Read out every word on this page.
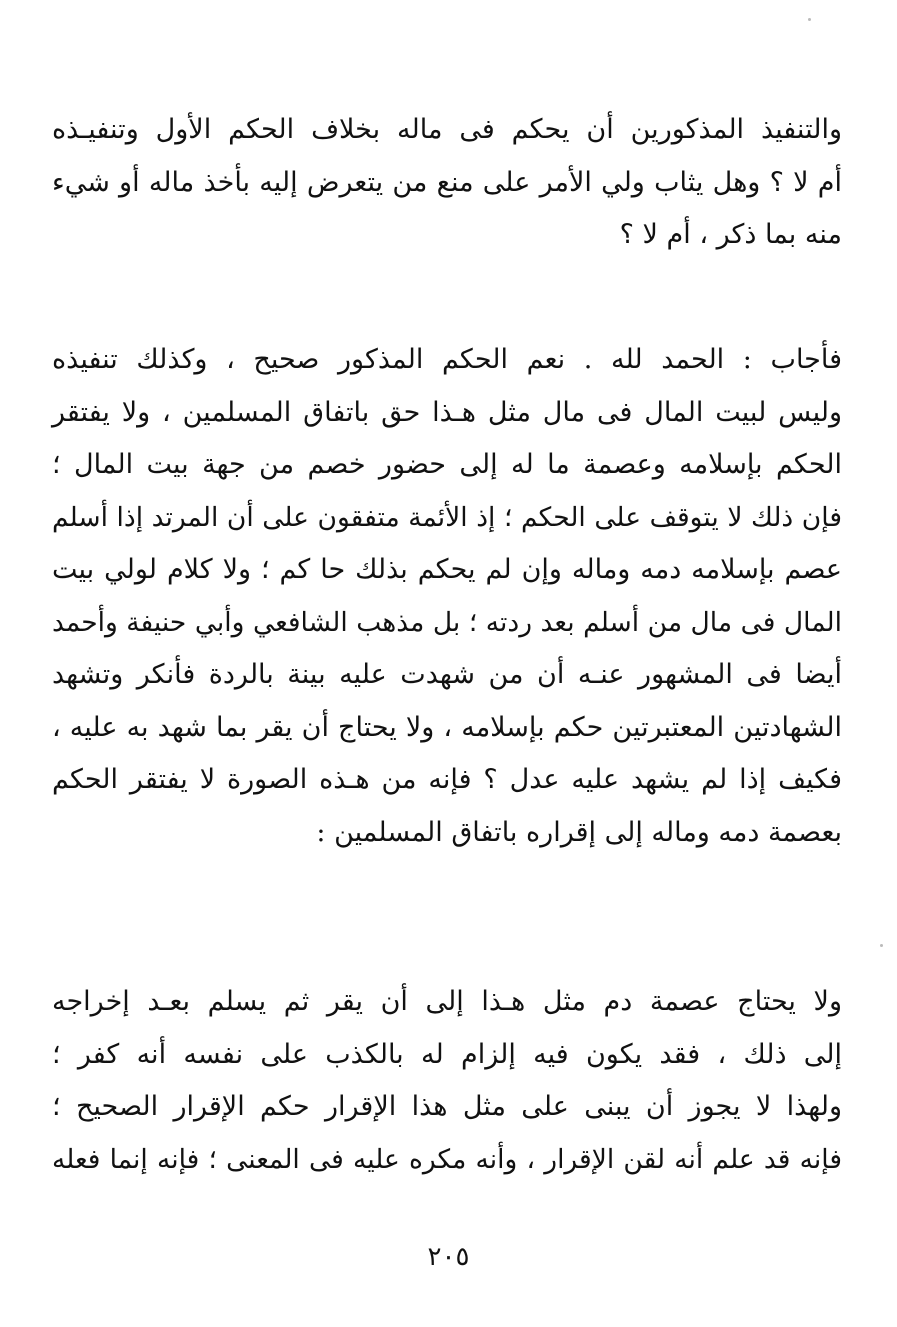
والتنفيذ المذكورين أن يحكم فى ماله بخلاف الحكم الأول وتنفيـذه
أم لا ؟ وهل يثاب ولي الأمر على منع من يتعرض إليه بأخذ ماله أو شيء
منه بما ذكر ، أم لا ؟
فأجاب : الحمد لله . نعم الحكم المذكور صحيح ، وكذلك تنفيذه
وليس لبيت المال فى مال مثل هـذا حق باتفاق المسلمين ، ولا يفتقر
الحكم بإسلامه وعصمة ما له إلى حضور خصم من جهة بيت المال ؛
فإن ذلك لا يتوقف على الحكم ؛ إذ الأئمة متفقون على أن المرتد إذا أسلم
عصم بإسلامه دمه وماله وإن لم يحكم بذلك حا كم ؛ ولا كلام لولي بيت
المال فى مال من أسلم بعد ردته ؛ بل مذهب الشافعي وأبي حنيفة وأحمد
أيضا فى المشهور عنـه أن من شهدت عليه بينة بالردة فأنكر وتشهد
الشهادتين المعتبرتين حكم بإسلامه ، ولا يحتاج أن يقر بما شهد به عليه ،
فكيف إذا لم يشهد عليه عدل ؟ فإنه من هـذه الصورة لا يفتقر الحكم
بعصمة دمه وماله إلى إقراره باتفاق المسلمين :
ولا يحتاج عصمة دم مثل هـذا إلى أن يقر ثم يسلم بعـد إخراجه
إلى ذلك ، فقد يكون فيه إلزام له بالكذب على نفسه أنه كفر ؛
ولهذا لا يجوز أن يبنى على مثل هذا الإقرار حكم الإقرار الصحيح ؛
فإنه قد علم أنه لقن الإقرار ، وأنه مكره عليه فى المعنى ؛ فإنه إنما فعله
٢٠٥
